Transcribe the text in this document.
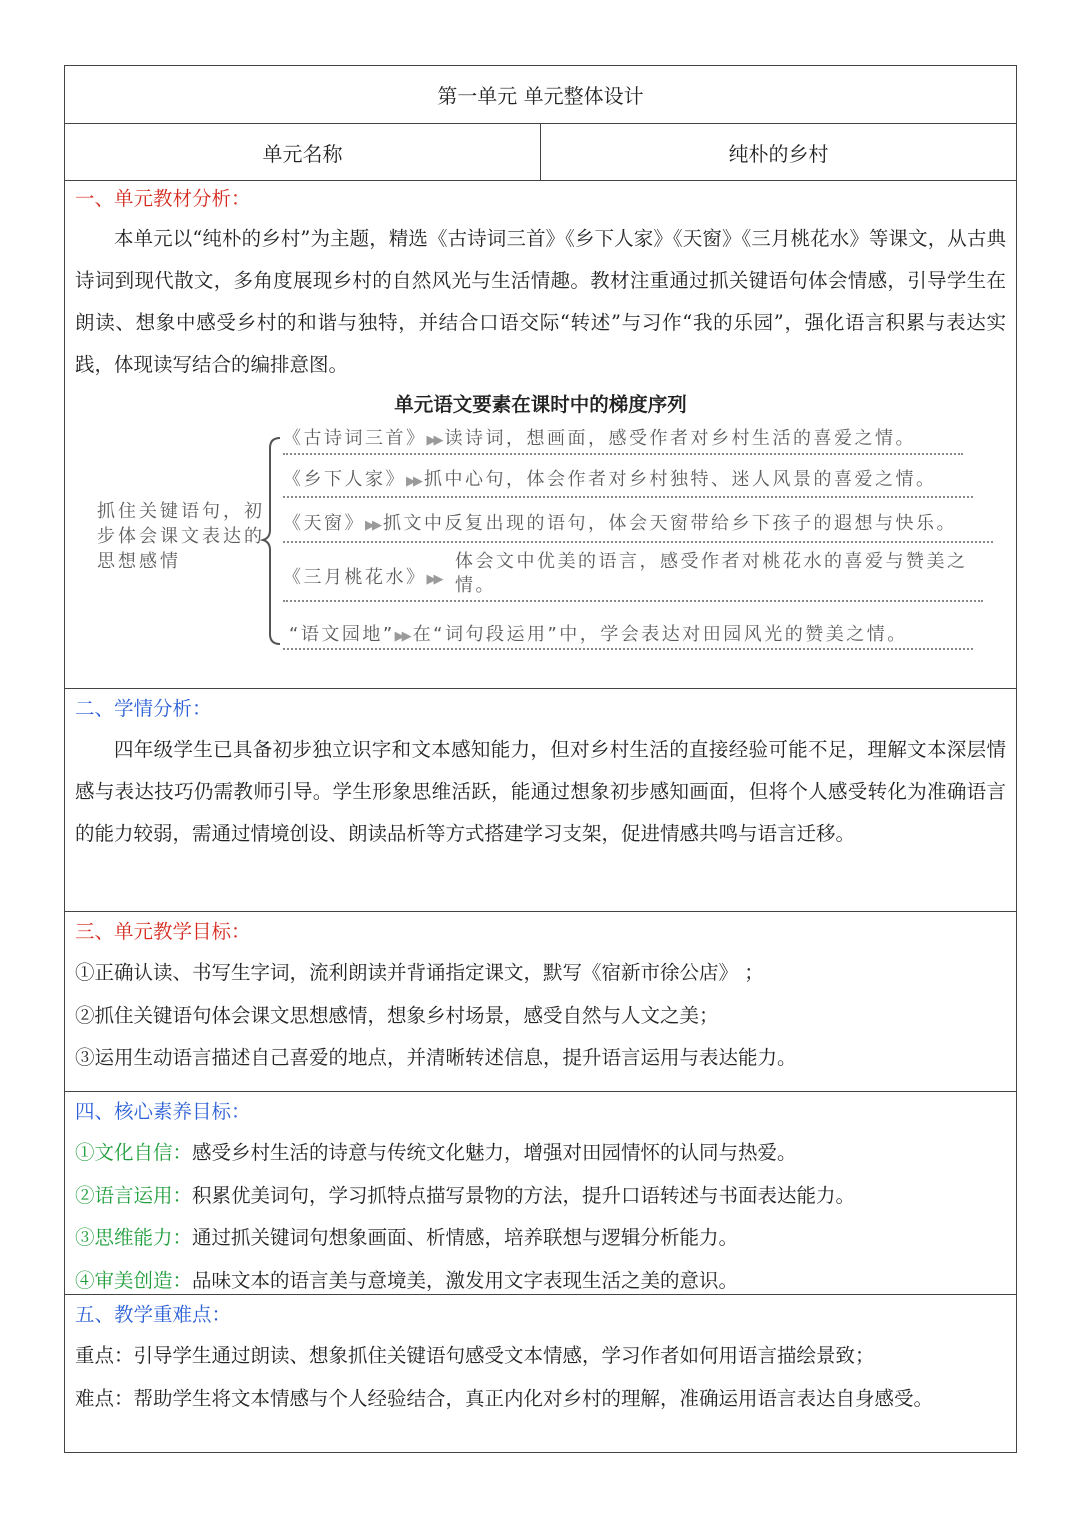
第一单元 单元整体设计
单元名称	纯朴的乡村
一、单元教材分析：

本单元以“纯朴的乡村”为主题，精选《古诗词三首》《乡下人家》《天窗》《三月桃花水》等课文，从古典诗词到现代散文，多角度展现乡村的自然风光与生活情趣。教材注重通过抓关键语句体会情感，引导学生在朗读、想象中感受乡村的和谐与独特，并结合口语交际“转述”与习作“我的乐园”，强化语言积累与表达实践，体现读写结合的编排意图。

单元语文要素在课时中的梯度序列
抓住关键语句，初步体会课文表达的思想感情
《古诗词三首》▶▶ 读诗词，想画面，感受作者对乡村生活的喜爱之情。
《乡下人家》▶▶ 抓中心句，体会作者对乡村独特、迷人风景的喜爱之情。
《天窗》▶▶ 抓文中反复出现的语句，体会天窗带给乡下孩子的遐想与快乐。
《三月桃花水》▶▶
体会文中优美的语言，感受作者对桃花水的喜爱与赞美之情。
“语文园地”▶▶ 在“词句段运用”中，学会表达对田园风光的赞美之情。
二、学情分析：

四年级学生已具备初步独立识字和文本感知能力，但对乡村生活的直接经验可能不足，理解文本深层情感与表达技巧仍需教师引导。学生形象思维活跃，能通过想象初步感知画面，但将个人感受转化为准确语言的能力较弱，需通过情境创设、朗读品析等方式搭建学习支架，促进情感共鸣与语言迁移。

三、单元教学目标：

①正确认读、书写生字词，流利朗读并背诵指定课文，默写《宿新市徐公店》 ；

②抓住关键语句体会课文思想感情，想象乡村场景，感受自然与人文之美；

③运用生动语言描述自己喜爱的地点，并清晰转述信息，提升语言运用与表达能力。

四、核心素养目标：

①文化自信：感受乡村生活的诗意与传统文化魅力，增强对田园情怀的认同与热爱。

②语言运用：积累优美词句，学习抓特点描写景物的方法，提升口语转述与书面表达能力。

③思维能力：通过抓关键词句想象画面、析情感，培养联想与逻辑分析能力。

④审美创造：品味文本的语言美与意境美，激发用文字表现生活之美的意识。

五、教学重难点：

重点：引导学生通过朗读、想象抓住关键语句感受文本情感，学习作者如何用语言描绘景致；

难点：帮助学生将文本情感与个人经验结合，真正内化对乡村的理解，准确运用语言表达自身感受。
